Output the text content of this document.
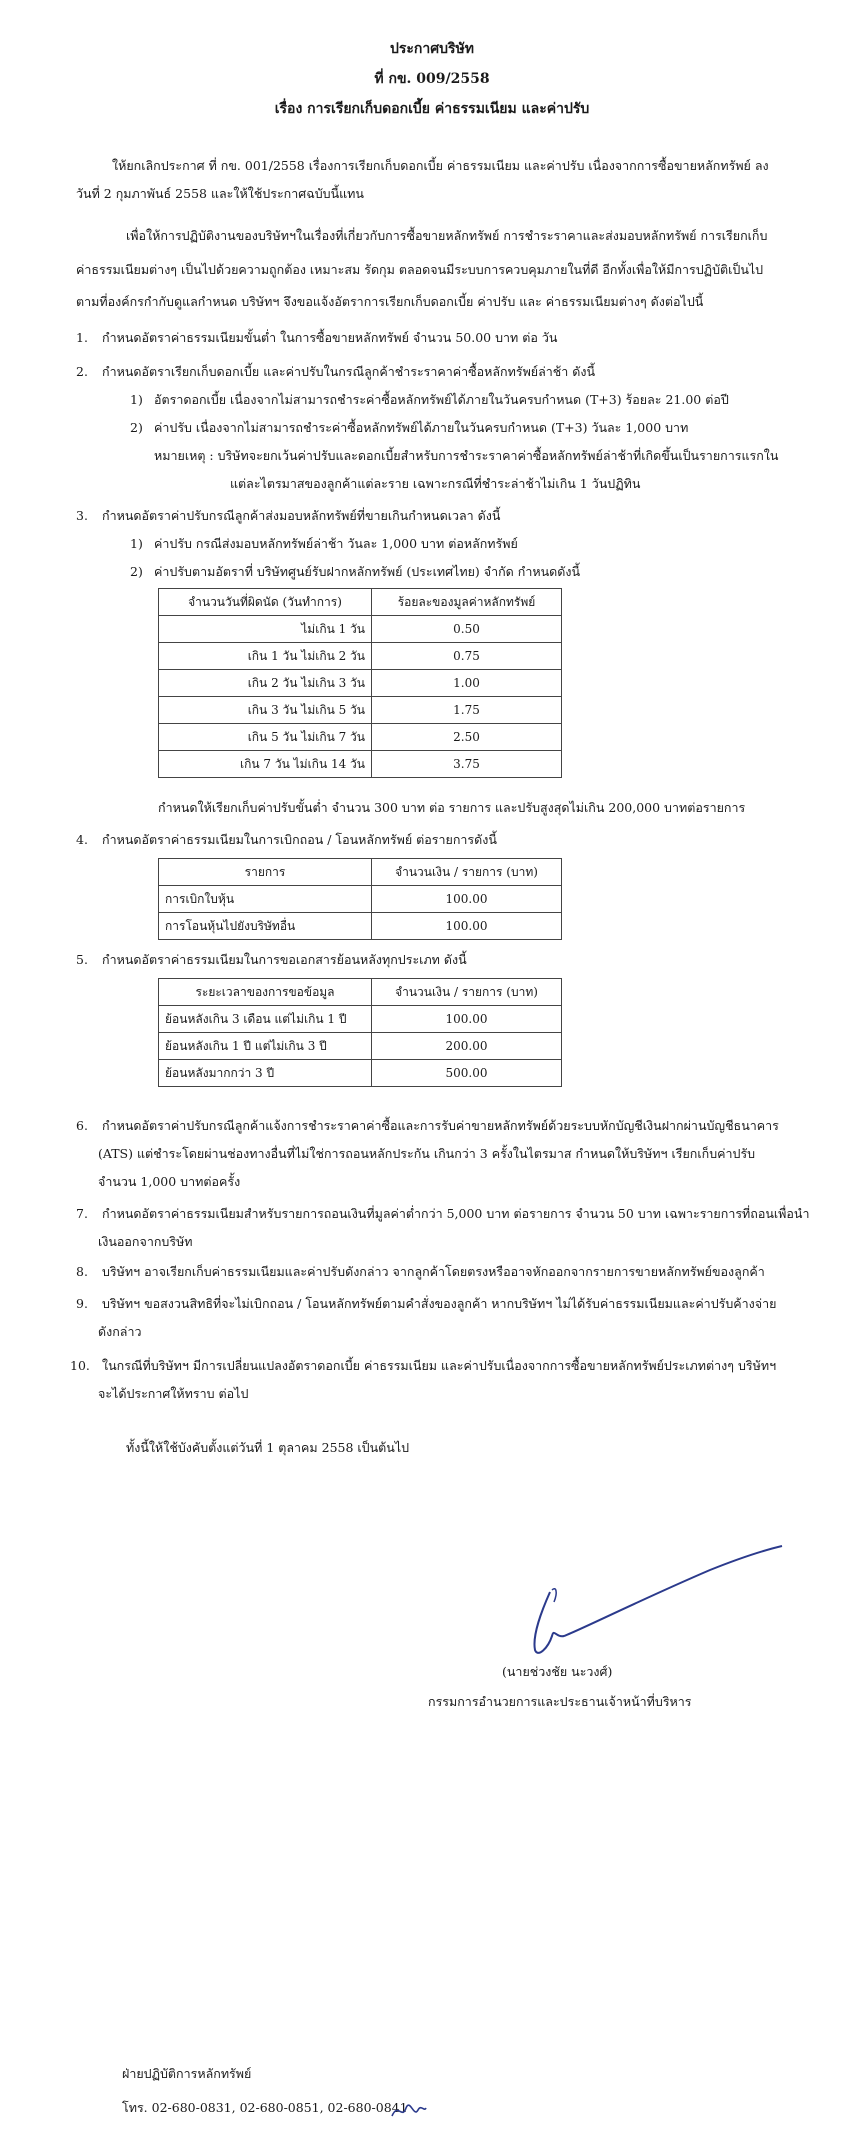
ประกาศบริษัท
ที่ กข. 009/2558
เรื่อง การเรียกเก็บดอกเบี้ย ค่าธรรมเนียม และค่าปรับ
ให้ยกเลิกประกาศ ที่ กข. 001/2558 เรื่องการเรียกเก็บดอกเบี้ย ค่าธรรมเนียม และค่าปรับ เนื่องจากการซื้อขายหลักทรัพย์ ลง
วันที่ 2 กุมภาพันธ์ 2558 และให้ใช้ประกาศฉบับนี้แทน
เพื่อให้การปฏิบัติงานของบริษัทฯในเรื่องที่เกี่ยวกับการซื้อขายหลักทรัพย์ การชำระราคาและส่งมอบหลักทรัพย์ การเรียกเก็บ
ค่าธรรมเนียมต่างๆ เป็นไปด้วยความถูกต้อง เหมาะสม รัดกุม ตลอดจนมีระบบการควบคุมภายในที่ดี อีกทั้งเพื่อให้มีการปฏิบัติเป็นไป
ตามที่องค์กรกำกับดูแลกำหนด บริษัทฯ จึงขอแจ้งอัตราการเรียกเก็บดอกเบี้ย ค่าปรับ และ ค่าธรรมเนียมต่างๆ ดังต่อไปนี้
1. กำหนดอัตราค่าธรรมเนียมขั้นต่ำ ในการซื้อขายหลักทรัพย์ จำนวน 50.00 บาท ต่อ วัน
2. กำหนดอัตราเรียกเก็บดอกเบี้ย และค่าปรับในกรณีลูกค้าชำระราคาค่าซื้อหลักทรัพย์ล่าช้า ดังนี้
1) อัตราดอกเบี้ย เนื่องจากไม่สามารถชำระค่าซื้อหลักทรัพย์ได้ภายในวันครบกำหนด (T+3) ร้อยละ 21.00 ต่อปี
2) ค่าปรับ เนื่องจากไม่สามารถชำระค่าซื้อหลักทรัพย์ได้ภายในวันครบกำหนด (T+3) วันละ 1,000 บาท
หมายเหตุ : บริษัทจะยกเว้นค่าปรับและดอกเบี้ยสำหรับการชำระราคาค่าซื้อหลักทรัพย์ล่าช้าที่เกิดขึ้นเป็นรายการแรกใน
แต่ละไตรมาสของลูกค้าแต่ละราย เฉพาะกรณีที่ชำระล่าช้าไม่เกิน 1 วันปฏิทิน
3. กำหนดอัตราค่าปรับกรณีลูกค้าส่งมอบหลักทรัพย์ที่ขายเกินกำหนดเวลา ดังนี้
1) ค่าปรับ กรณีส่งมอบหลักทรัพย์ล่าช้า วันละ 1,000 บาท ต่อหลักทรัพย์
2) ค่าปรับตามอัตราที่ บริษัทศูนย์รับฝากหลักทรัพย์ (ประเทศไทย) จำกัด กำหนดดังนี้
จำนวนวันที่ผิดนัด (วันทำการ)	ร้อยละของมูลค่าหลักทรัพย์
ไม่เกิน 1 วัน	0.50
เกิน 1 วัน ไม่เกิน 2 วัน	0.75
เกิน 2 วัน ไม่เกิน 3 วัน	1.00
เกิน 3 วัน ไม่เกิน 5 วัน	1.75
เกิน 5 วัน ไม่เกิน 7 วัน	2.50
เกิน 7 วัน ไม่เกิน 14 วัน	3.75
กำหนดให้เรียกเก็บค่าปรับขั้นต่ำ จำนวน 300 บาท ต่อ รายการ และปรับสูงสุดไม่เกิน 200,000 บาทต่อรายการ
4. กำหนดอัตราค่าธรรมเนียมในการเบิกถอน / โอนหลักทรัพย์ ต่อรายการดังนี้
รายการ	จำนวนเงิน / รายการ (บาท)
การเบิกใบหุ้น	100.00
การโอนหุ้นไปยังบริษัทอื่น	100.00
5. กำหนดอัตราค่าธรรมเนียมในการขอเอกสารย้อนหลังทุกประเภท ดังนี้
ระยะเวลาของการขอข้อมูล	จำนวนเงิน / รายการ (บาท)
ย้อนหลังเกิน 3 เดือน แต่ไม่เกิน 1 ปี	100.00
ย้อนหลังเกิน 1 ปี แต่ไม่เกิน 3 ปี	200.00
ย้อนหลังมากกว่า 3 ปี	500.00
6. กำหนดอัตราค่าปรับกรณีลูกค้าแจ้งการชำระราคาค่าซื้อและการรับค่าขายหลักทรัพย์ด้วยระบบหักบัญชีเงินฝากผ่านบัญชีธนาคาร
(ATS) แต่ชำระโดยผ่านช่องทางอื่นที่ไม่ใช่การถอนหลักประกัน เกินกว่า 3 ครั้งในไตรมาส กำหนดให้บริษัทฯ เรียกเก็บค่าปรับ
จำนวน 1,000 บาทต่อครั้ง
7. กำหนดอัตราค่าธรรมเนียมสำหรับรายการถอนเงินที่มูลค่าต่ำกว่า 5,000 บาท ต่อรายการ จำนวน 50 บาท เฉพาะรายการที่ถอนเพื่อนำ
เงินออกจากบริษัท
8. บริษัทฯ อาจเรียกเก็บค่าธรรมเนียมและค่าปรับดังกล่าว จากลูกค้าโดยตรงหรืออาจหักออกจากรายการขายหลักทรัพย์ของลูกค้า
9. บริษัทฯ ขอสงวนสิทธิที่จะไม่เบิกถอน / โอนหลักทรัพย์ตามคำสั่งของลูกค้า หากบริษัทฯ ไม่ได้รับค่าธรรมเนียมและค่าปรับค้างจ่าย
ดังกล่าว
10. ในกรณีที่บริษัทฯ มีการเปลี่ยนแปลงอัตราดอกเบี้ย ค่าธรรมเนียม และค่าปรับเนื่องจากการซื้อขายหลักทรัพย์ประเภทต่างๆ บริษัทฯ
จะได้ประกาศให้ทราบ ต่อไป
ทั้งนี้ให้ใช้บังคับตั้งแต่วันที่ 1 ตุลาคม 2558 เป็นต้นไป
(นายช่วงชัย นะวงศ์)
กรรมการอำนวยการและประธานเจ้าหน้าที่บริหาร
ฝ่ายปฏิบัติการหลักทรัพย์
โทร. 02-680-0831, 02-680-0851, 02-680-0841
